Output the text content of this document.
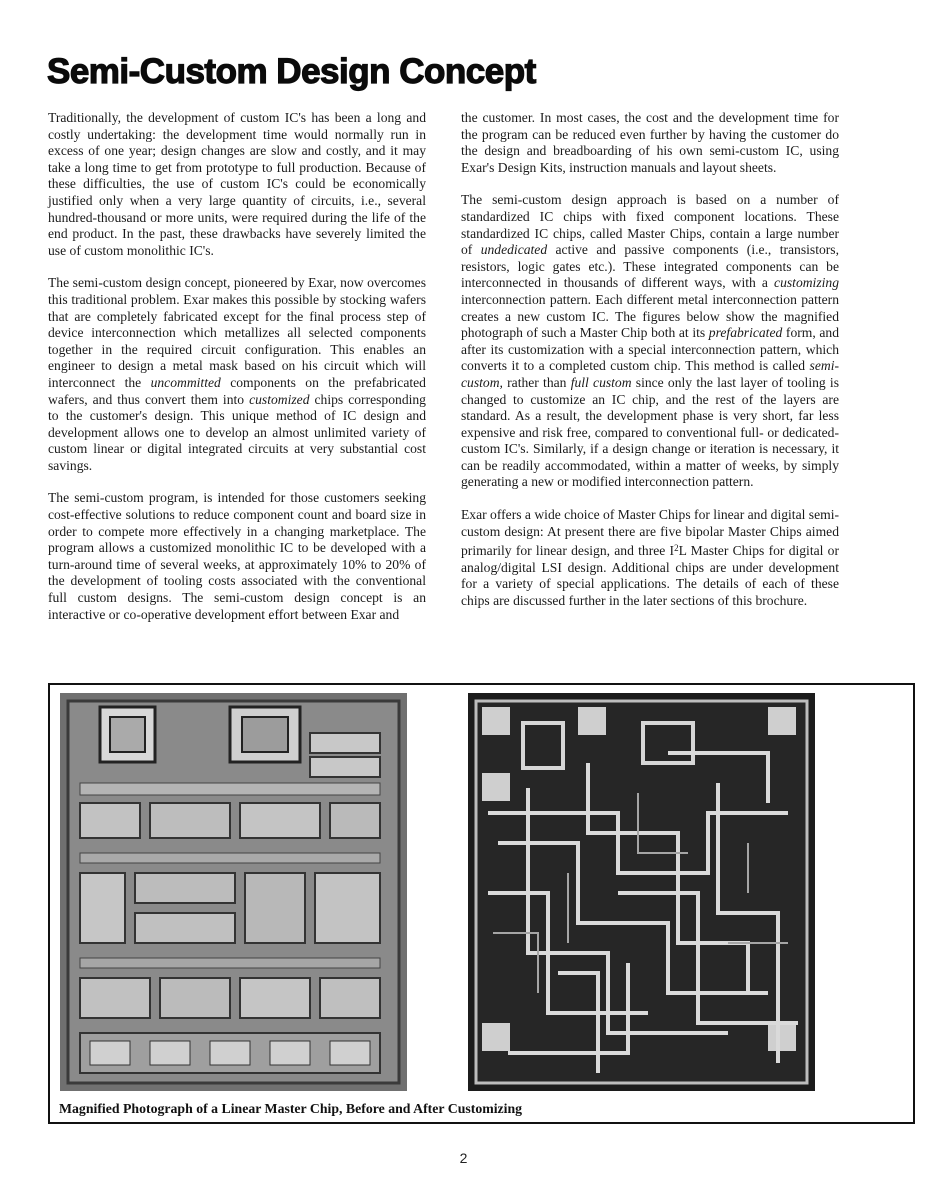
Semi-Custom Design Concept

Traditionally, the development of custom IC's has been a long and costly undertaking: the development time would normally run in excess of one year; design changes are slow and costly, and it may take a long time to get from prototype to full production. Because of these difficulties, the use of custom IC's could be economically justified only when a very large quantity of circuits, i.e., several hundred-thousand or more units, were required during the life of the end product. In the past, these drawbacks have severely limited the use of custom monolithic IC's.

The semi-custom design concept, pioneered by Exar, now overcomes this traditional problem. Exar makes this possible by stocking wafers that are completely fabricated except for the final process step of device interconnection which metallizes all selected components together in the required circuit configuration. This enables an engineer to design a metal mask based on his circuit which will interconnect the uncommitted components on the prefabricated wafers, and thus convert them into customized chips corresponding to the customer's design. This unique method of IC design and development allows one to develop an almost unlimited variety of custom linear or digital integrated circuits at very substantial cost savings.

The semi-custom program, is intended for those customers seeking cost-effective solutions to reduce component count and board size in order to compete more effectively in a changing marketplace. The program allows a customized monolithic IC to be developed with a turn-around time of several weeks, at approximately 10% to 20% of the development of tooling costs associated with the conventional full custom designs. The semi-custom design concept is an interactive or co-operative development effort between Exar and

the customer. In most cases, the cost and the development time for the program can be reduced even further by having the customer do the design and breadboarding of his own semi-custom IC, using Exar's Design Kits, instruction manuals and layout sheets.

The semi-custom design approach is based on a number of standardized IC chips with fixed component locations. These standardized IC chips, called Master Chips, contain a large number of undedicated active and passive components (i.e., transistors, resistors, logic gates etc.). These integrated components can be interconnected in thousands of different ways, with a customizing interconnection pattern. Each different metal interconnection pattern creates a new custom IC. The figures below show the magnified photograph of such a Master Chip both at its prefabricated form, and after its customization with a special interconnection pattern, which converts it to a completed custom chip. This method is called semi-custom, rather than full custom since only the last layer of tooling is changed to customize an IC chip, and the rest of the layers are standard. As a result, the development phase is very short, far less expensive and risk free, compared to conventional full- or dedicated-custom IC's. Similarly, if a design change or iteration is necessary, it can be readily accommodated, within a matter of weeks, by simply generating a new or modified interconnection pattern.

Exar offers a wide choice of Master Chips for linear and digital semi-custom design: At present there are five bipolar Master Chips aimed primarily for linear design, and three $I^2L$ Master Chips for digital or analog/digital LSI design. Additional chips are under development for a variety of special applications. The details of each of these chips are discussed further in the later sections of this brochure.

Magnified Photograph of a Linear Master Chip, Before and After Customizing
2
